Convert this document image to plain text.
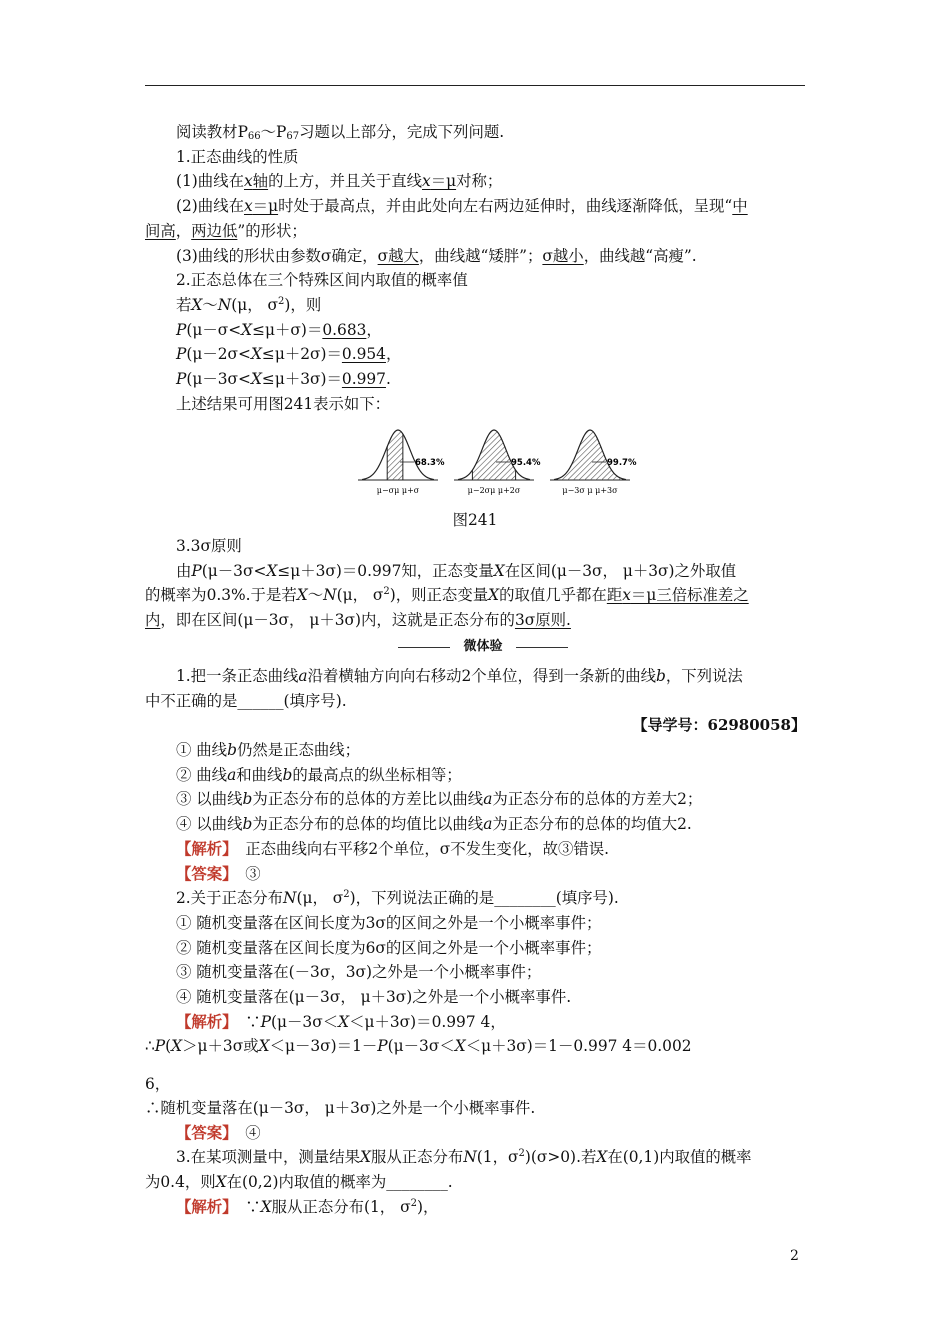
阅读教材$P_{66}\sim P_{67}$习题以上部分，完成下列问题.
1.正态曲线的性质
(1)曲线在x轴的上方，并且关于直线x＝μ对称；
(2)曲线在x＝μ时处于最高点，并由此处向左右两边延伸时，曲线逐渐降低，呈现“中
间高，两边低”的形状；
(3)曲线的形状由参数σ确定，σ越大，曲线越“矮胖”；σ越小，曲线越“高瘦”.
2.正态总体在三个特殊区间内取值的概率值
若X～N(μ， $\sigma^2$)，则
P(μ－σ<X≤μ＋σ)＝0.683，
P(μ－2σ<X≤μ＋2σ)＝0.954，
P(μ－3σ<X≤μ＋3σ)＝0.997.
上述结果可用图241表示如下：
3.3σ原则
由P(μ－3σ<X≤μ＋3σ)＝0.997知，正态变量X在区间(μ－3σ， μ＋3σ)之外取值
的概率为0.3%.于是若X～N(μ， $\sigma^2$)，则正态变量X的取值几乎都在距x＝μ三倍标准差之
内，即在区间(μ－3σ， μ＋3σ)内，这就是正态分布的3σ原则.
1.把一条正态曲线a沿着横轴方向向右移动2个单位，得到一条新的曲线b，下列说法
中不正确的是______(填序号).
① 曲线b仍然是正态曲线；
② 曲线a和曲线b的最高点的纵坐标相等；
③ 以曲线b为正态分布的总体的方差比以曲线a为正态分布的总体的方差大2；
④ 以曲线b为正态分布的总体的均值比以曲线a为正态分布的总体的均值大2.
【解析】　正态曲线向右平移2个单位，σ不发生变化，故③错误.
【答案】　③
2.关于正态分布N(μ， $\sigma^2$)，下列说法正确的是________(填序号).
① 随机变量落在区间长度为3σ的区间之外是一个小概率事件；
② 随机变量落在区间长度为6σ的区间之外是一个小概率事件；
③ 随机变量落在(－3σ，3σ)之外是一个小概率事件；
④ 随机变量落在(μ－3σ， μ＋3σ)之外是一个小概率事件.
【解析】　∵P(μ－3σ＜X＜μ＋3σ)＝0.997 4，
∴P(X＞μ＋3σ或X＜μ－3σ)＝1－P(μ－3σ＜X＜μ＋3σ)＝1－0.997 4＝0.002
6，
∴随机变量落在(μ－3σ， μ＋3σ)之外是一个小概率事件.
【答案】　④
3.在某项测量中，测量结果X服从正态分布N(1，$\sigma^2)(\sigma>0)$.若X在(0,1)内取值的概率
为0.4，则X在(0,2)内取值的概率为________.
【解析】　∵X服从正态分布(1， $\sigma^2$)，
68.3%
μ−σμ μ+σ
95.4%
μ−2σμ μ+2σ
99.7%
μ−3σ μ μ+3σ
图241
微体验
【导学号：62980058】
2
